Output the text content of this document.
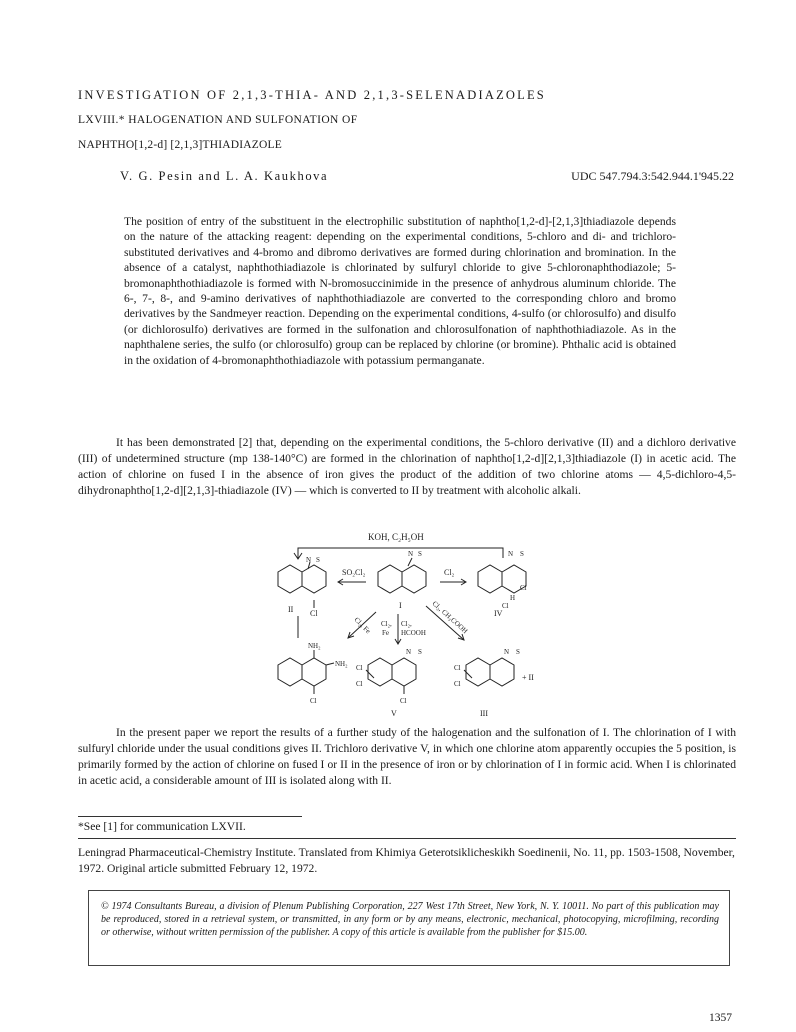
INVESTIGATION OF 2,1,3-THIA- AND 2,1,3-SELENADIAZOLES
LXVIII.* HALOGENATION AND SULFONATION OF
NAPHTHO[1,2-d] [2,1,3]THIADIAZOLE
V. G. Pesin and L. A. Kaukhova	UDC 547.794.3:542.944.1'945.22

The position of entry of the substituent in the electrophilic substitution of naphtho[1,2-d]-[2,1,3]thiadiazole depends on the nature of the attacking reagent: depending on the experimental conditions, 5-chloro and di- and trichloro-substituted derivatives and 4-bromo and dibromo derivatives are formed during chlorination and bromination. In the absence of a catalyst, naphthothiadiazole is chlorinated by sulfuryl chloride to give 5-chloronaphthodiazole; 5-bromonaphthothiadiazole is formed with N-bromosuccinimide in the presence of anhydrous aluminum chloride. The 6-, 7-, 8-, and 9-amino derivatives of naphthothiadiazole are converted to the corresponding chloro and bromo derivatives by the Sandmeyer reaction. Depending on the experimental conditions, 4-sulfo (or chlorosulfo) and disulfo (or dichlorosulfo) derivatives are formed in the sulfonation and chlorosulfonation of naphthothiadiazole. As in the naphthalene series, the sulfo (or chlorosulfo) group can be replaced by chlorine (or bromine). Phthalic acid is obtained in the oxidation of 4-bromonaphthothiadiazole with potassium permanganate.

It has been demonstrated [2] that, depending on the experimental conditions, the 5-chloro derivative (II) and a dichloro derivative (III) of undetermined structure (mp 138-140°C) are formed in the chlorination of naphtho[1,2-d][2,1,3]thiadiazole (I) in acetic acid. The action of chlorine on fused I in the absence of iron gives the product of the addition of two chlorine atoms — 4,5-dichloro-4,5-dihydronaphtho[1,2-d][2,1,3]-thiadiazole (IV) — which is converted to II by treatment with alcoholic alkali.

KOH, C₂H₅OH
SO₂Cl₂	Cl₂
N S
Cl
II
N S
I
N S
Cl
H
Cl
IV
Cl₂, Fe Cl₂,
Fe
Cl₂,
HCOOH Cl₂, CH₃COOH
NH₂
NH₂
Cl
N S
Cl
Cl
Cl
V
N S
Cl
Cl
+ II
III

In the present paper we report the results of a further study of the halogenation and the sulfonation of I. The chlorination of I with sulfuryl chloride under the usual conditions gives II. Trichloro derivative V, in which one chlorine atom apparently occupies the 5 position, is primarily formed by the action of chlorine on fused I or II in the presence of iron or by chlorination of I in formic acid. When I is chlorinated in acetic acid, a considerable amount of III is isolated along with II.

*See [1] for communication LXVII.
Leningrad Pharmaceutical-Chemistry Institute. Translated from Khimiya Geterotsiklicheskikh Soedinenii, No. 11, pp. 1503-1508, November, 1972. Original article submitted February 12, 1972.
© 1974 Consultants Bureau, a division of Plenum Publishing Corporation, 227 West 17th Street, New York, N. Y. 10011. No part of this publication may be reproduced, stored in a retrieval system, or transmitted, in any form or by any means, electronic, mechanical, photocopying, microfilming, recording or otherwise, without written permission of the publisher. A copy of this article is available from the publisher for $15.00.
1357
